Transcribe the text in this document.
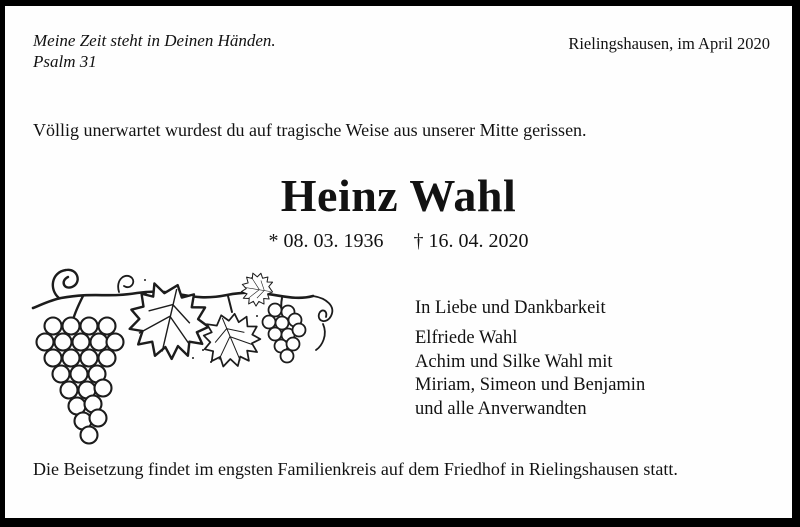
Meine Zeit steht in Deinen Händen.
Psalm 31
Rielingshausen, im April 2020
Völlig unerwartet wurdest du auf tragische Weise aus unserer Mitte gerissen.
Heinz Wahl
* 08. 03. 1936 † 16. 04. 2020
In Liebe und Dankbarkeit
Elfriede Wahl
Achim und Silke Wahl mit
Miriam, Simeon und Benjamin
und alle Anverwandten
Die Beisetzung findet im engsten Familienkreis auf dem Friedhof in Rielingshausen statt.
